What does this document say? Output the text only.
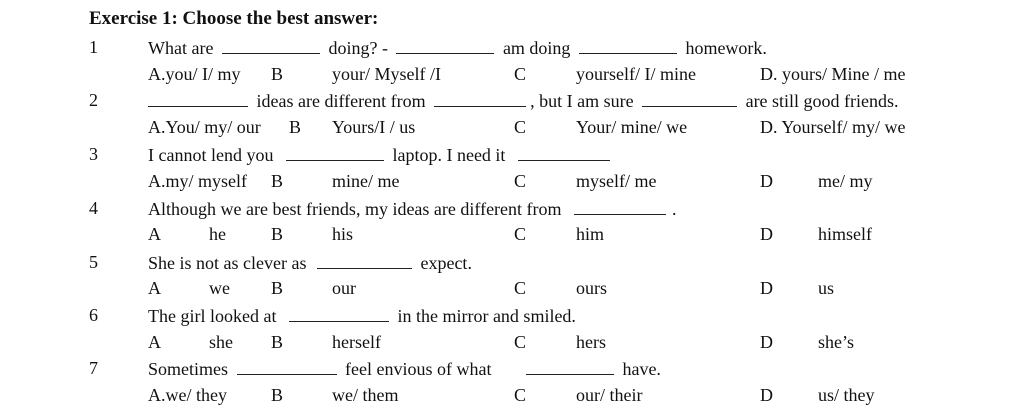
Exercise 1: Choose the best answer:
1	What are	doing? -	am doing	homework.
A.you/ I/ my B	your/ Myself /I	C	yourself/ I/ mine	D. yours/ Mine / me
2	ideas are different from	, but I am sure	are still good friends.
A.You/ my/ our B Yours/I / us	C	Your/ mine/ we	D. Yourself/ my/ we
3	I cannot lend you	laptop. I need it
A.my/ myself B	mine/ me	C	myself/ me	D	me/ my
4	Although we are best friends, my ideas are different from	.
A	he	B	his	C	him	D	himself
5	She is not as clever as	expect.
A	we B	our	C	ours	D	us
6	The girl looked at	in the mirror and smiled.
A	she B	herself	C	hers	D	she’s
7	Sometimes	feel envious of what	have.
A.we/ they B	we/ them	C	our/ their	D	us/ they
